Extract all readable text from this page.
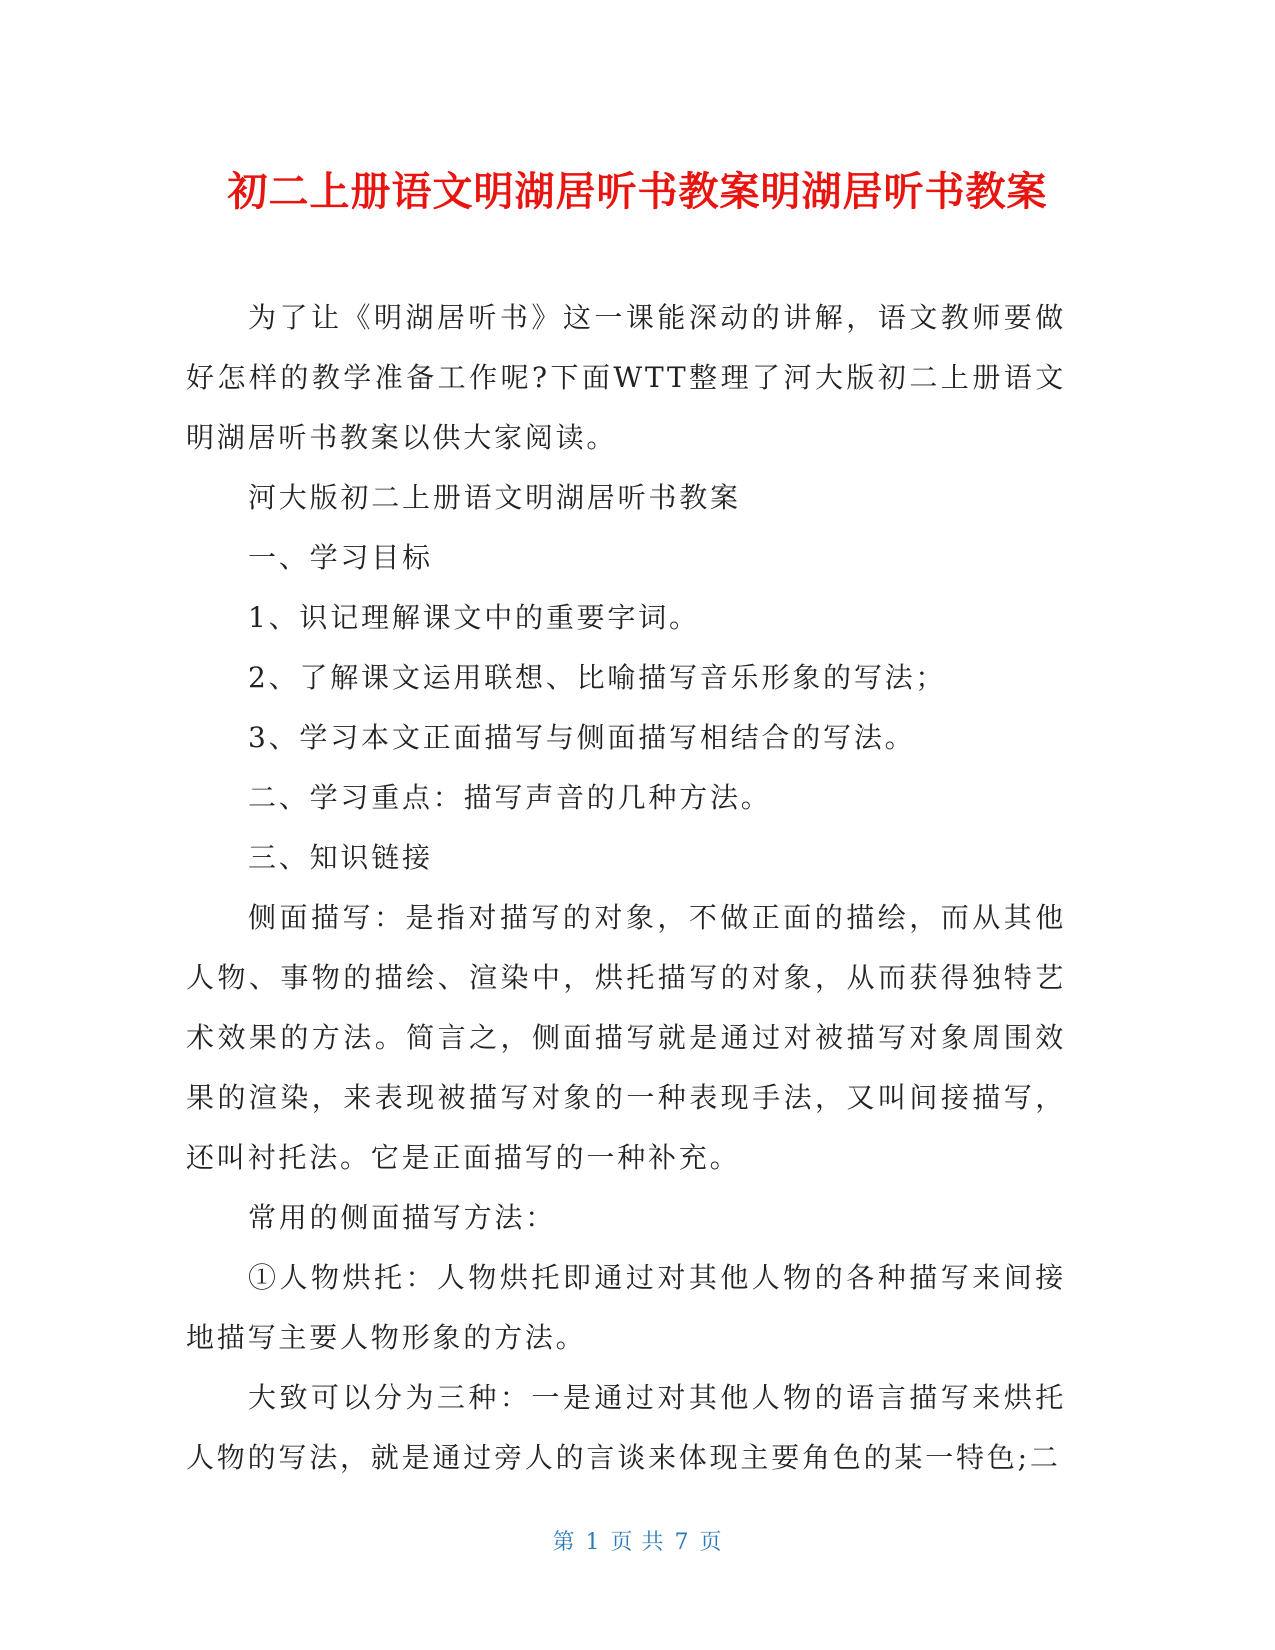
初二上册语文明湖居听书教案明湖居听书教案

为了让《明湖居听书》这一课能深动的讲解，语文教师要做好怎样的教学准备工作呢?下面WTT整理了河大版初二上册语文明湖居听书教案以供大家阅读。

河大版初二上册语文明湖居听书教案

一、学习目标

1、识记理解课文中的重要字词。

2、了解课文运用联想、比喻描写音乐形象的写法；

3、学习本文正面描写与侧面描写相结合的写法。

二、学习重点：描写声音的几种方法。

三、知识链接

侧面描写：是指对描写的对象，不做正面的描绘，而从其他人物、事物的描绘、渲染中，烘托描写的对象，从而获得独特艺术效果的方法。简言之，侧面描写就是通过对被描写对象周围效果的渲染，来表现被描写对象的一种表现手法，又叫间接描写，还叫衬托法。它是正面描写的一种补充。

常用的侧面描写方法：

①人物烘托：人物烘托即通过对其他人物的各种描写来间接地描写主要人物形象的方法。

大致可以分为三种：一是通过对其他人物的语言描写来烘托人物的写法，就是通过旁人的言谈来体现主要角色的某一特色;二

第 1 页 共 7 页
